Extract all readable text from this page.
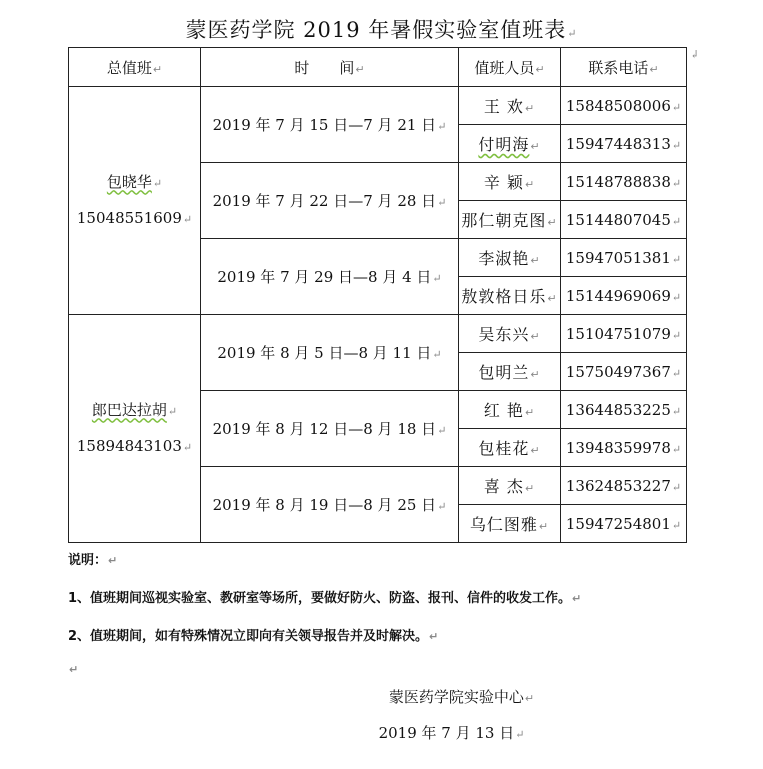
蒙医药学院 2019 年暑假实验室值班表↵
总值班↵	时　　间↵	值班人员↵	联系电话↵

包晓华↵
15048551609↵	2019 年 7 月 15 日—7 月 21 日↵	王 欢↵	15848508006↵
		付明海↵	15947448313↵
	2019 年 7 月 22 日—7 月 28 日↵	辛 颖↵	15148788838↵
		那仁朝克图↵	15144807045↵
	2019 年 7 月 29 日—8 月 4 日↵	李淑艳↵	15947051381↵
		敖敦格日乐↵	15144969069↵

郎巴达拉胡↵
15894843103↵	2019 年 8 月 5 日—8 月 11 日↵	吴东兴↵	15104751079↵
		包明兰↵	15750497367↵
	2019 年 8 月 12 日—8 月 18 日↵	红 艳↵	13644853225↵
		包桂花↵	13948359978↵
	2019 年 8 月 19 日—8 月 25 日↵	喜 杰↵	13624853227↵
		乌仁图雅↵	15947254801↵
↲
说明：↵
1、值班期间巡视实验室、教研室等场所，要做好防火、防盗、报刊、信件的收发工作。↵
2、值班期间，如有特殊情况立即向有关领导报告并及时解决。↵
↵
蒙医药学院实验中心↵
2019 年 7 月 13 日↵
